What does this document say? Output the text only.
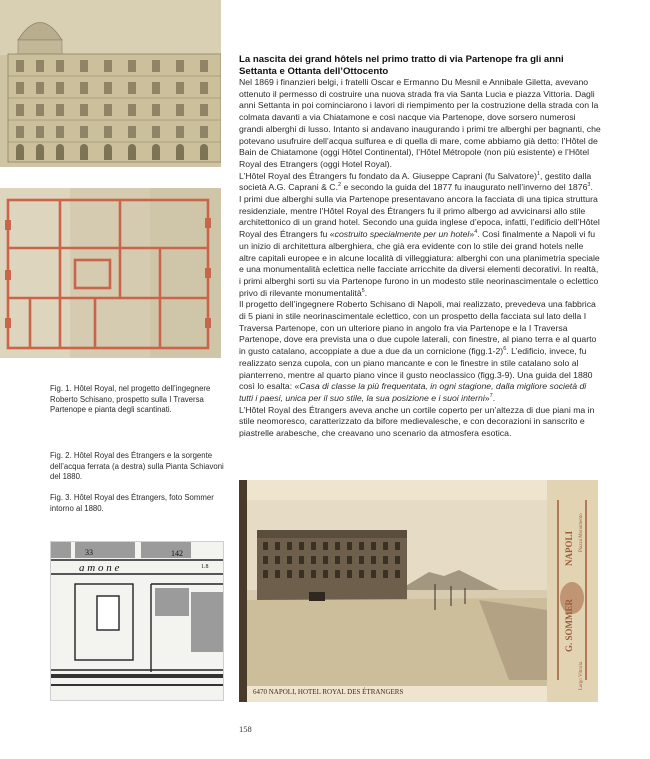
Fig. 1. Hôtel Royal, nel progetto dell’ingegnere Roberto Schisano, prospetto sulla I Traversa Partenope e pianta degli scantinati.
Fig. 2. Hôtel Royal des Étrangers e la sorgente dell’acqua ferrata (a destra) sulla Pianta Schiavoni del 1880.
Fig. 3. Hôtel Royal des Étrangers, foto Sommer intorno al 1880.
33	142
1.8
a m o n e
La nascita dei grand hôtels nel primo tratto di via Partenope fra gli anni Settanta e Ottanta dell’Ottocento

Nel 1869 i finanzieri belgi, i fratelli Oscar e Ermanno Du Mesnil e Annibale Giletta, avevano ottenuto il permesso di costruire una nuova strada fra via Santa Lucia e piazza Vittoria. Dagli anni Settanta in poi cominciarono i lavori di riempimento per la costruzione della strada con la colmata davanti a via Chiatamone e così nacque via Partenope, dove sorsero numerosi grandi alberghi di lusso. Intanto si andavano inaugurando i primi tre alberghi per bagnanti, che potevano usufruire dell’acqua sulfurea e di quella di mare, come abbiamo già detto: l’Hôtel de Bain de Chiatamone (oggi Hôtel Continental), l’Hôtel Métropole (non più esistente) e l’Hôtel Royal des Etrangers (oggi Hotel Royal).

L’Hôtel Royal des Étrangers fu fondato da A. Giuseppe Caprani (fu Salvatore)$^1$, gestito dalla società A.G. Caprani & C.$^2$ e secondo la guida del 1877 fu inaugurato nell’inverno del 1876$^3$.

I primi due alberghi sulla via Partenope presentavano ancora la facciata di una tipica struttura residenziale, mentre l’Hôtel Royal des Étrangers fu il primo albergo ad avvicinarsi allo stile architettonico di un grand hotel. Secondo una guida inglese d’epoca, infatti, l’edificio dell’Hôtel Royal des Étrangers fu «costruito specialmente per un hotel»$^4$. Così finalmente a Napoli vi fu un inizio di architettura alberghiera, che già era evidente con lo stile dei grand hotels nelle altre capitali europee e in alcune località di villeggiatura: alberghi con una planimetria speciale e una monumentalità eclettica nelle facciate arricchite da diversi elementi decorativi. In realtà, i primi alberghi sorti su via Partenope furono in un modesto stile neorinascimentale o eclettico privo di rilevante monumentalità$^5$.

Il progetto dell’ingegnere Roberto Schisano di Napoli, mai realizzato, prevedeva una fabbrica di 5 piani in stile neorinascimentale eclettico, con un prospetto della facciata sul lato della I Traversa Partenope, con un ulteriore piano in angolo fra via Partenope e la I Traversa Partenope, dove era prevista una o due cupole laterali, con finestre, al piano terra e al quarto in gusto catalano, accoppiate a due a due da un cornicione (figg.1-2)$^6$. L’edificio, invece, fu realizzato senza cupola, con un piano mancante e con le finestre in stile catalano solo al pianterreno, mentre al quarto piano vince il gusto neoclassico (figg.3-9). Una guida del 1880 così lo esalta: «Casa di classe la più frequentata, in ogni stagione, dalla migliore società di tutti i paesi, unica per il suo stile, la sua posizione e i suoi interni»$^7$.

L’Hôtel Royal des Étrangers aveva anche un cortile coperto per un’altezza di due piani ma in stile neomoresco, caratterizzato da bifore medievalesche, e con decorazioni in sanscrito e piastrelle arabesche, che creavano uno scenario da atmosfera esotica.

6470 NAPOLI, HOTEL ROYAL DES ÉTRANGERS
G. SOMMER
NAPOLI
Largo Vittoria
Piazza Monumento
158
